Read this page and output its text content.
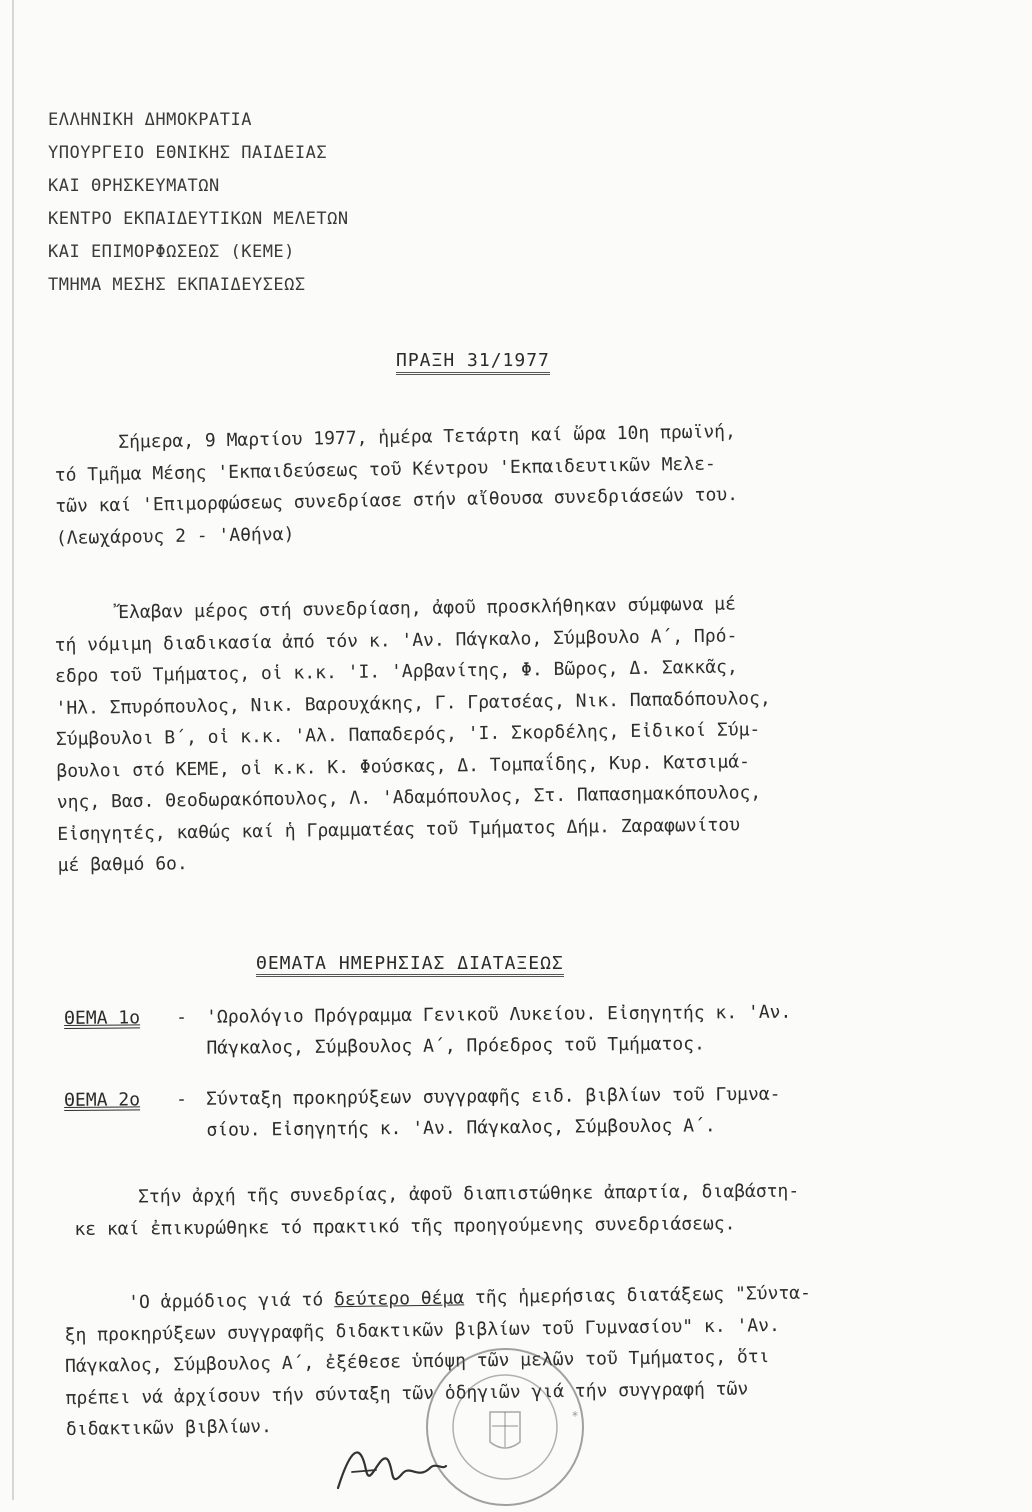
ΕΛΛΗΝΙΚΗ ΔΗΜΟΚΡΑΤΙΑ
ΥΠΟΥΡΓΕΙΟ ΕΘΝΙΚΗΣ ΠΑΙΔΕΙΑΣ
ΚΑΙ ΘΡΗΣΚΕΥΜΑΤΩΝ
ΚΕΝΤΡΟ ΕΚΠΑΙΔΕΥΤΙΚΩΝ ΜΕΛΕΤΩΝ
ΚΑΙ ΕΠΙΜΟΡΦΩΣΕΩΣ (ΚΕΜΕ)
ΤΜΗΜΑ ΜΕΣΗΣ ΕΚΠΑΙΔΕΥΣΕΩΣ
ΠΡΑΞΗ 31/1977
Σήμερα, 9 Μαρτίου 1977, ἡμέρα Τετάρτη καί ὥρα 10η πρωϊνή,
τό Τμῆμα Μέσης 'Εκπαιδεύσεως τοῦ Κέντρου 'Εκπαιδευτικῶν Μελε-
τῶν καί 'Επιμορφώσεως συνεδρίασε στήν αἴθουσα συνεδριάσεών του.
(Λεωχάρους 2 - 'Αθήνα)
Ἔλαβαν μέρος στή συνεδρίαση, ἀφοῦ προσκλήθηκαν σύμφωνα μέ
τή νόμιμη διαδικασία ἀπό τόν κ. 'Αν. Πάγκαλο, Σύμβουλο Α΄, Πρό-
εδρο τοῦ Τμήματος, οἱ κ.κ. 'Ι. 'Αρβανίτης, Φ. Βῶρος, Δ. Σακκᾶς,
'Ηλ. Σπυρόπουλος, Νικ. Βαρουχάκης, Γ. Γρατσέας, Νικ. Παπαδόπουλος,
Σύμβουλοι Β΄, οἱ κ.κ. 'Αλ. Παπαδερός, 'Ι. Σκορδέλης, Εἰδικοί Σύμ-
βουλοι στό ΚΕΜΕ, οἱ κ.κ. Κ. Φούσκας, Δ. Τομπαΐδης, Κυρ. Κατσιμά-
νης, Βασ. Θεοδωρακόπουλος, Λ. 'Αδαμόπουλος, Στ. Παπασημακόπουλος,
Εἰσηγητές, καθώς καί ἡ Γραμματέας τοῦ Τμήματος Δήμ. Ζαραφωνίτου
μέ βαθμό 6ο.
ΘΕΜΑΤΑ ΗΜΕΡΗΣΙΑΣ ΔΙΑΤΑΞΕΩΣ
ΘΕΜΑ 1ο - 'Ωρολόγιο Πρόγραμμα Γενικοῦ Λυκείου. Εἰσηγητής κ. 'Αν.
Πάγκαλος, Σύμβουλος Α΄, Πρόεδρος τοῦ Τμήματος.
ΘΕΜΑ 2ο - Σύνταξη προκηρύξεων συγγραφῆς ειδ. βιβλίων τοῦ Γυμνα-
σίου. Εἰσηγητής κ. 'Αν. Πάγκαλος, Σύμβουλος Α΄.
Στήν ἀρχή τῆς συνεδρίας, ἀφοῦ διαπιστώθηκε ἀπαρτία, διαβάστη-
κε καί ἐπικυρώθηκε τό πρακτικό τῆς προηγούμενης συνεδριάσεως.
'Ο ἁρμόδιος γιά τό δεύτερο θέμα τῆς ἡμερήσιας διατάξεως "Σύντα-
ξη προκηρύξεων συγγραφῆς διδακτικῶν βιβλίων τοῦ Γυμνασίου" κ. 'Αν.
Πάγκαλος, Σύμβουλος Α΄, ἐξέθεσε ὑπόψη τῶν μελῶν τοῦ Τμήματος, ὅτι
πρέπει νά ἀρχίσουν τήν σύνταξη τῶν ὁδηγιῶν γιά τήν συγγραφή τῶν
διδακτικῶν βιβλίων.
*
